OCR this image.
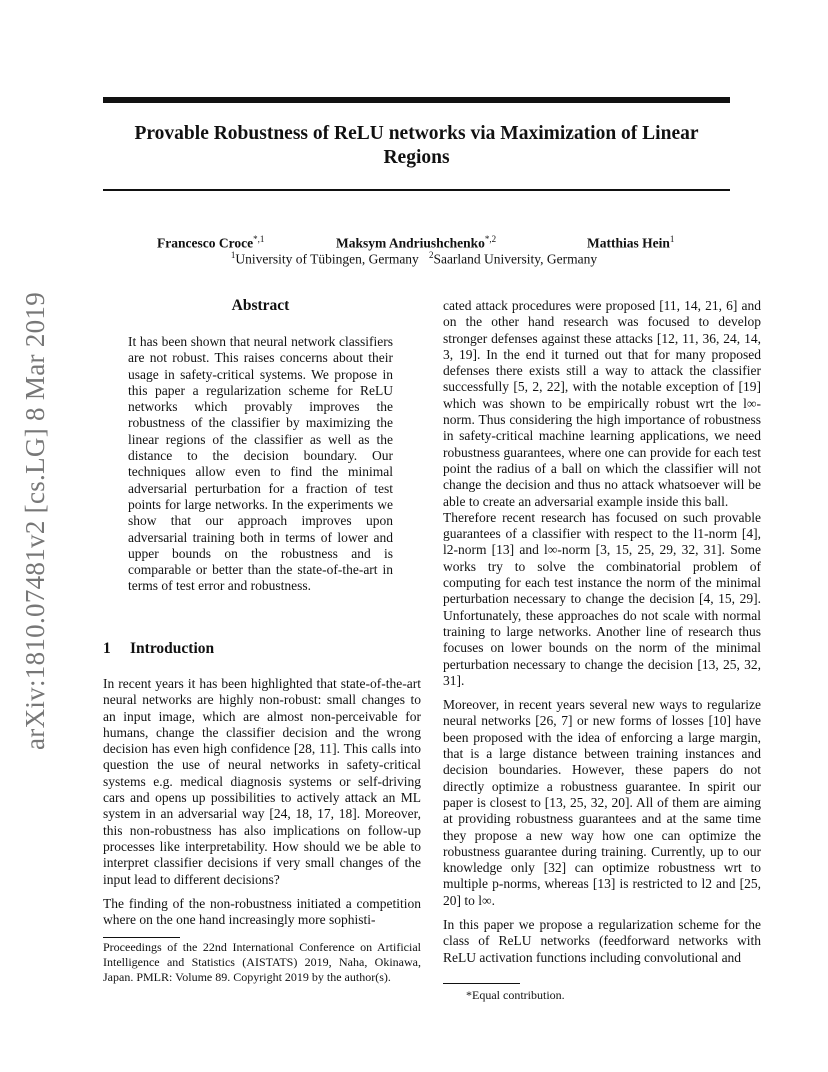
arXiv:1810.07481v2 [cs.LG] 8 Mar 2019
Provable Robustness of ReLU networks via Maximization of Linear Regions
Francesco Croce$^{*,1}$	Maksym Andriushchenko$^{*,2}$	Matthias Hein$^1$
$^1$University of Tübingen, Germany $^2$Saarland University, Germany
Abstract

It has been shown that neural network classifiers are not robust. This raises concerns about their usage in safety-critical systems. We propose in this paper a regularization scheme for ReLU networks which provably improves the robustness of the classifier by maximizing the linear regions of the classifier as well as the distance to the decision boundary. Our techniques allow even to find the minimal adversarial perturbation for a fraction of test points for large networks. In the experiments we show that our approach improves upon adversarial training both in terms of lower and upper bounds on the robustness and is comparable or better than the state-of-the-art in terms of test error and robustness.

1 Introduction

In recent years it has been highlighted that state-of-the-art neural networks are highly non-robust: small changes to an input image, which are almost non-perceivable for humans, change the classifier decision and the wrong decision has even high confidence [28, 11]. This calls into question the use of neural networks in safety-critical systems e.g. medical diagnosis systems or self-driving cars and opens up possibilities to actively attack an ML system in an adversarial way [24, 18, 17, 18]. Moreover, this non-robustness has also implications on follow-up processes like interpretability. How should we be able to interpret classifier decisions if very small changes of the input lead to different decisions?

The finding of the non-robustness initiated a competition where on the one hand increasingly more sophisti-

Proceedings of the 22nd International Conference on Artificial Intelligence and Statistics (AISTATS) 2019, Naha, Okinawa, Japan. PMLR: Volume 89. Copyright 2019 by the author(s).

cated attack procedures were proposed [11, 14, 21, 6] and on the other hand research was focused to develop stronger defenses against these attacks [12, 11, 36, 24, 14, 3, 19]. In the end it turned out that for many proposed defenses there exists still a way to attack the classifier successfully [5, 2, 22], with the notable exception of [19] which was shown to be empirically robust wrt the l∞-norm. Thus considering the high importance of robustness in safety-critical machine learning applications, we need robustness guarantees, where one can provide for each test point the radius of a ball on which the classifier will not change the decision and thus no attack whatsoever will be able to create an adversarial example inside this ball.

Therefore recent research has focused on such provable guarantees of a classifier with respect to the l1-norm [4], l2-norm [13] and l∞-norm [3, 15, 25, 29, 32, 31]. Some works try to solve the combinatorial problem of computing for each test instance the norm of the minimal perturbation necessary to change the decision [4, 15, 29]. Unfortunately, these approaches do not scale with normal training to large networks. Another line of research thus focuses on lower bounds on the norm of the minimal perturbation necessary to change the decision [13, 25, 32, 31].

Moreover, in recent years several new ways to regularize neural networks [26, 7] or new forms of losses [10] have been proposed with the idea of enforcing a large margin, that is a large distance between training instances and decision boundaries. However, these papers do not directly optimize a robustness guarantee. In spirit our paper is closest to [13, 25, 32, 20]. All of them are aiming at providing robustness guarantees and at the same time they propose a new way how one can optimize the robustness guarantee during training. Currently, up to our knowledge only [32] can optimize robustness wrt to multiple p-norms, whereas [13] is restricted to l2 and [25, 20] to l∞.

In this paper we propose a regularization scheme for the class of ReLU networks (feedforward networks with ReLU activation functions including convolutional and

*Equal contribution.
